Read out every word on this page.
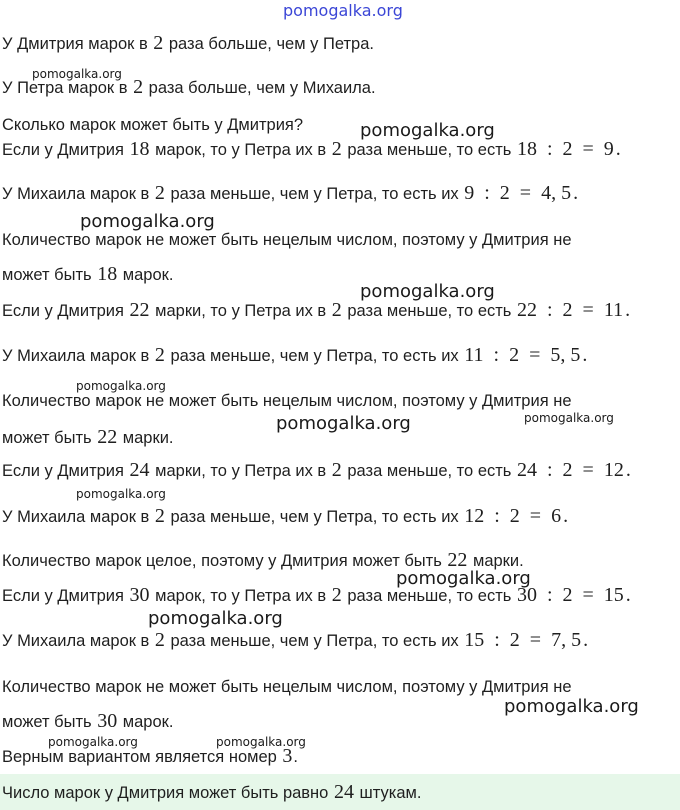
pomogalka.org
У Дмитрия марок в 2 раза больше, чем у Петра.
У Петра марок в 2 раза больше, чем у Михаила.
Сколько марок может быть у Дмитрия?
Если у Дмитрия 18 марок, то у Петра их в 2 раза меньше, то есть 18  :  2  =  9 .
У Михаила марок в 2 раза меньше, чем у Петра, то есть их 9  :  2  =  4, 5 .
Количество марок не может быть нецелым числом, поэтому у Дмитрия не
может быть 18 марок.
Если у Дмитрия 22 марки, то у Петра их в 2 раза меньше, то есть 22  :  2  =  11 .
У Михаила марок в 2 раза меньше, чем у Петра, то есть их 11  :  2  =  5, 5 .
Количество марок не может быть нецелым числом, поэтому у Дмитрия не
может быть 22 марки.
Если у Дмитрия 24 марки, то у Петра их в 2 раза меньше, то есть 24  :  2  =  12 .
У Михаила марок в 2 раза меньше, чем у Петра, то есть их 12  :  2  =  6 .
Количество марок целое, поэтому у Дмитрия может быть 22 марки.
Если у Дмитрия 30 марок, то у Петра их в 2 раза меньше, то есть 30  :  2  =  15 .
У Михаила марок в 2 раза меньше, чем у Петра, то есть их 15  :  2  =  7, 5 .
Количество марок не может быть нецелым числом, поэтому у Дмитрия не
может быть 30 марок.
Верным вариантом является номер 3.
Число марок у Дмитрия может быть равно 24 штукам.
pomogalka.org
pomogalka.org
pomogalka.org
pomogalka.org
pomogalka.org
pomogalka.org	pomogalka.org
pomogalka.org
pomogalka.org
pomogalka.org
pomogalka.org
pomogalka.org	pomogalka.org
